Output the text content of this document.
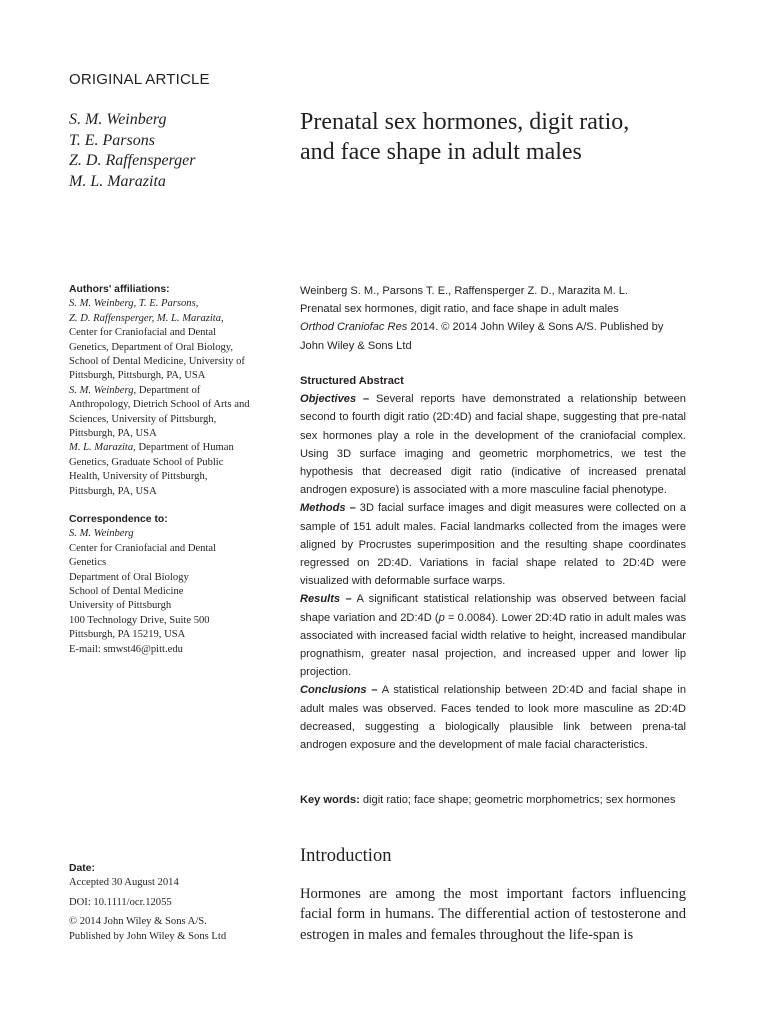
ORIGINAL ARTICLE
S. M. Weinberg
T. E. Parsons
Z. D. Raffensperger
M. L. Marazita
Prenatal sex hormones, digit ratio,
and face shape in adult males
Authors' affiliations:
S. M. Weinberg, T. E. Parsons,
Z. D. Raffensperger, M. L. Marazita,
Center for Craniofacial and Dental
Genetics, Department of Oral Biology,
School of Dental Medicine, University of
Pittsburgh, Pittsburgh, PA, USA
S. M. Weinberg, Department of
Anthropology, Dietrich School of Arts and
Sciences, University of Pittsburgh,
Pittsburgh, PA, USA
M. L. Marazita, Department of Human
Genetics, Graduate School of Public
Health, University of Pittsburgh,
Pittsburgh, PA, USA
Correspondence to:
S. M. Weinberg
Center for Craniofacial and Dental
Genetics
Department of Oral Biology
School of Dental Medicine
University of Pittsburgh
100 Technology Drive, Suite 500
Pittsburgh, PA 15219, USA
E-mail: smwst46@pitt.edu
Date:
Accepted 30 August 2014
DOI: 10.1111/ocr.12055
© 2014 John Wiley & Sons A/S.
Published by John Wiley & Sons Ltd
Weinberg S. M., Parsons T. E., Raffensperger Z. D., Marazita M. L.
Prenatal sex hormones, digit ratio, and face shape in adult males
Orthod Craniofac Res 2014. © 2014 John Wiley & Sons A/S. Published by
John Wiley & Sons Ltd
Structured Abstract

Objectives – Several reports have demonstrated a relationship between second to fourth digit ratio (2D:4D) and facial shape, suggesting that pre-natal sex hormones play a role in the development of the craniofacial complex. Using 3D surface imaging and geometric morphometrics, we test the hypothesis that decreased digit ratio (indicative of increased prenatal androgen exposure) is associated with a more masculine facial phenotype.

Methods – 3D facial surface images and digit measures were collected on a sample of 151 adult males. Facial landmarks collected from the images were aligned by Procrustes superimposition and the resulting shape coordinates regressed on 2D:4D. Variations in facial shape related to 2D:4D were visualized with deformable surface warps.

Results – A significant statistical relationship was observed between facial shape variation and 2D:4D (p = 0.0084). Lower 2D:4D ratio in adult males was associated with increased facial width relative to height, increased mandibular prognathism, greater nasal projection, and increased upper and lower lip projection.

Conclusions – A statistical relationship between 2D:4D and facial shape in adult males was observed. Faces tended to look more masculine as 2D:4D decreased, suggesting a biologically plausible link between prena-tal androgen exposure and the development of male facial characteristics.

Key words: digit ratio; face shape; geometric morphometrics; sex hormones
Introduction
Hormones are among the most important factors influencing facial form in humans. The differential action of testosterone and estrogen in males and females throughout the life-span is
